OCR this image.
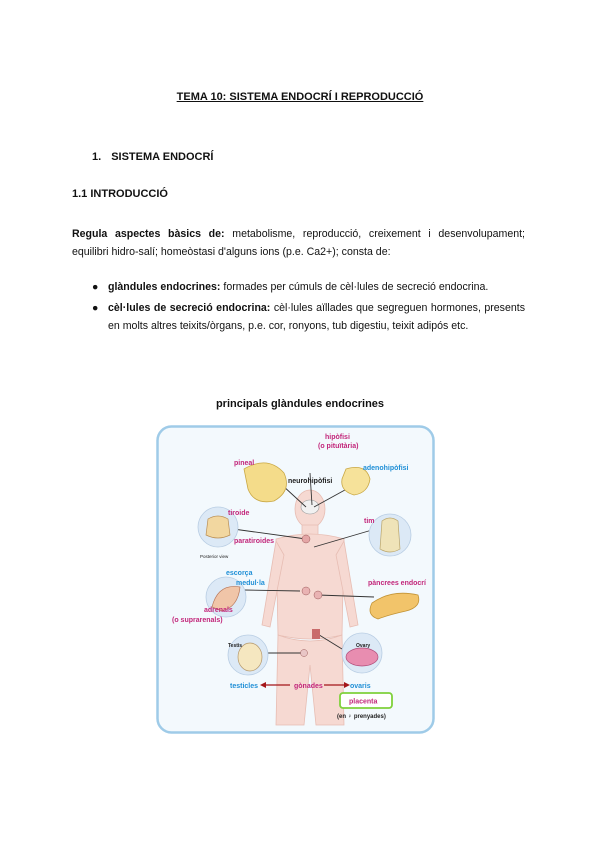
TEMA 10: SISTEMA ENDOCRÍ I REPRODUCCIÓ
1. SISTEMA ENDOCRÍ
1.1 INTRODUCCIÓ
Regula aspectes bàsics de: metabolisme, reproducció, creixement i desenvolupament; equilibri hidro-salí; homeòstasi d'alguns ions (p.e. Ca2+); consta de:
● glàndules endocrines: formades per cúmuls de cèl·lules de secreció endocrina.
● cèl·lules de secreció endocrina: cèl·lules aïllades que segreguen hormones, presents en molts altres teixits/òrgans, p.e. cor, ronyons, tub digestiu, teixit adipós etc.
principals glàndules endocrines
hipòfisi
(o pituïtària)
pineal
adenohipòfisi
neurohipòfisi
tiroide
tim
paratiroides
Posterior view
escorça
medul·la	pàncrees endocrí
adrenals
(o suprarenals)
Testis	Ovary
testicles	gònades	ovaris
placenta
(en ♀ prenyades)
